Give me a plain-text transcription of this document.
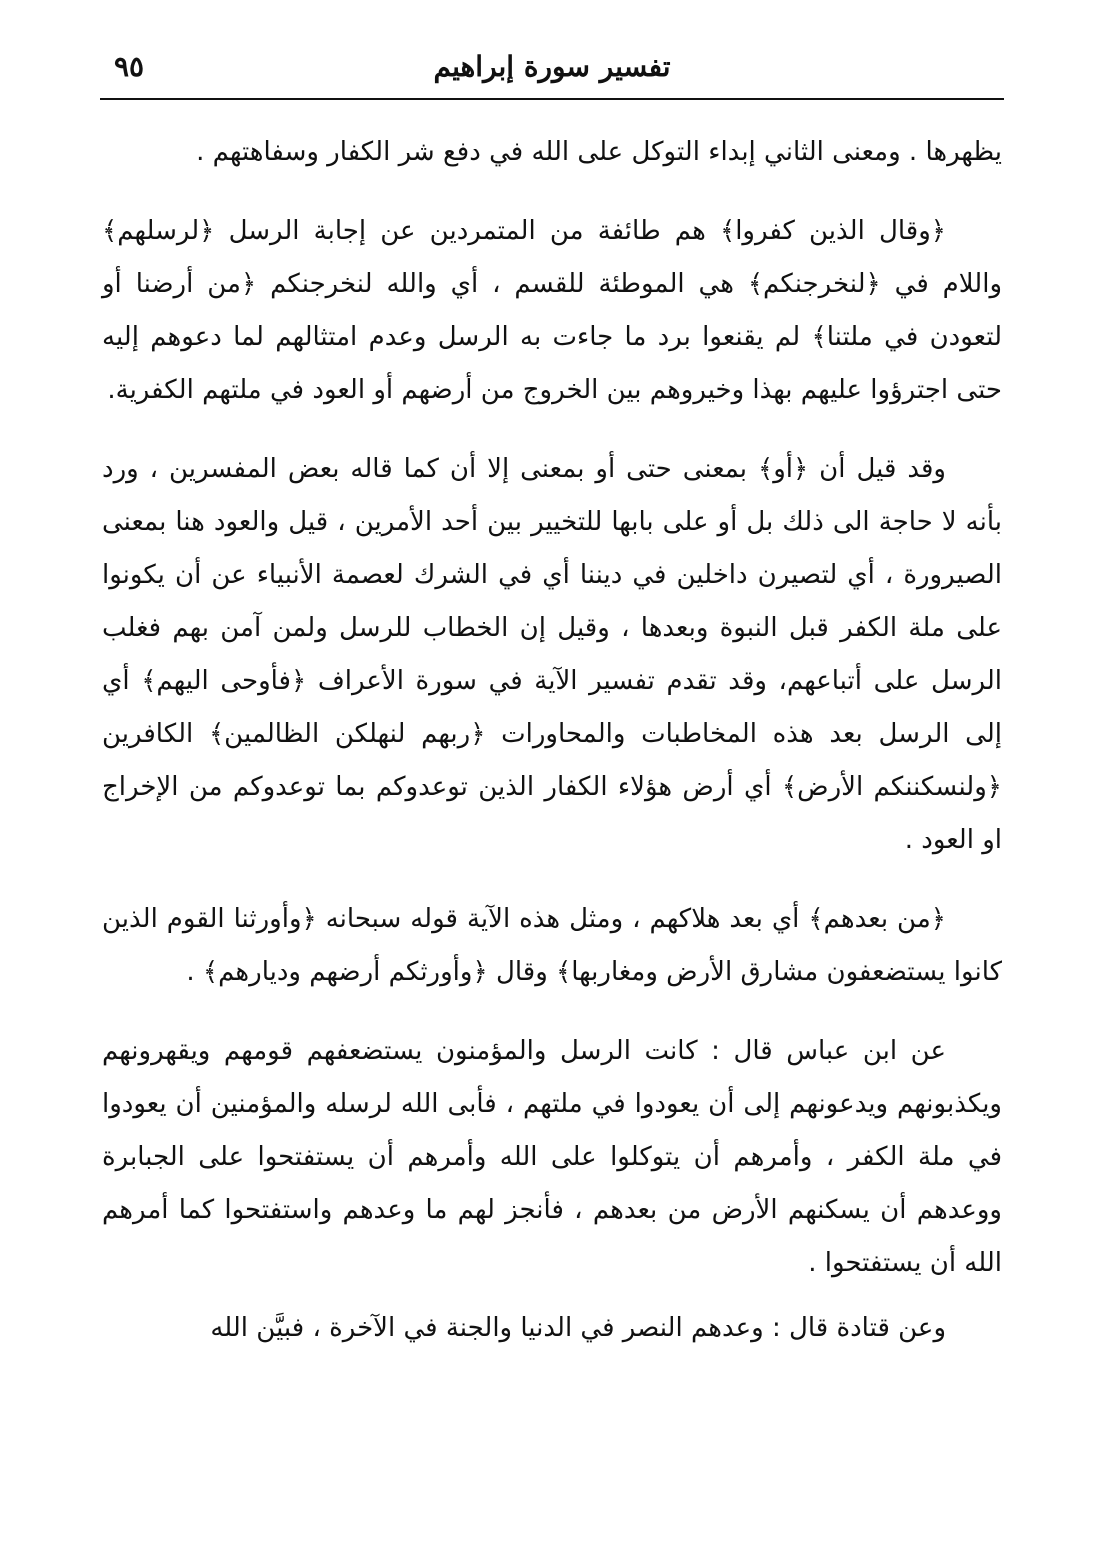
٩٥	تفسير سورة إبراهيم

يظهرها . ومعنى الثاني إبداء التوكل على الله في دفع شر الكفار وسفاهتهم .

﴿وقال الذين كفروا﴾ هم طائفة من المتمردين عن إجابة الرسل ﴿لرسلهم﴾ واللام في ﴿لنخرجنكم﴾ هي الموطئة للقسم ، أي والله لنخرجنكم ﴿من أرضنا أو لتعودن في ملتنا﴾ لم يقنعوا برد ما جاءت به الرسل وعدم امتثالهم لما دعوهم إليه حتى اجترؤوا عليهم بهذا وخيروهم بين الخروج من أرضهم أو العود في ملتهم الكفرية.

وقد قيل أن ﴿أو﴾ بمعنى حتى أو بمعنى إلا أن كما قاله بعض المفسرين ، ورد بأنه لا حاجة الى ذلك بل أو على بابها للتخيير بين أحد الأمرين ، قيل والعود هنا بمعنى الصيرورة ، أي لتصيرن داخلين في ديننا أي في الشرك لعصمة الأنبياء عن أن يكونوا على ملة الكفر قبل النبوة وبعدها ، وقيل إن الخطاب للرسل ولمن آمن بهم فغلب الرسل على أتباعهم، وقد تقدم تفسير الآية في سورة الأعراف ﴿فأوحى اليهم﴾ أي إلى الرسل بعد هذه المخاطبات والمحاورات ﴿ربهم لنهلكن الظالمين﴾ الكافرين ﴿ولنسكننكم الأرض﴾ أي أرض هؤلاء الكفار الذين توعدوكم بما توعدوكم من الإخراج او العود .

﴿من بعدهم﴾ أي بعد هلاكهم ، ومثل هذه الآية قوله سبحانه ﴿وأورثنا القوم الذين كانوا يستضعفون مشارق الأرض ومغاربها﴾ وقال ﴿وأورثكم أرضهم وديارهم﴾ .

عن ابن عباس قال : كانت الرسل والمؤمنون يستضعفهم قومهم ويقهرونهم ويكذبونهم ويدعونهم إلى أن يعودوا في ملتهم ، فأبى الله لرسله والمؤمنين أن يعودوا في ملة الكفر ، وأمرهم أن يتوكلوا على الله وأمرهم أن يستفتحوا على الجبابرة ووعدهم أن يسكنهم الأرض من بعدهم ، فأنجز لهم ما وعدهم واستفتحوا كما أمرهم الله أن يستفتحوا .

وعن قتادة قال : وعدهم النصر في الدنيا والجنة في الآخرة ، فبيَّن الله
